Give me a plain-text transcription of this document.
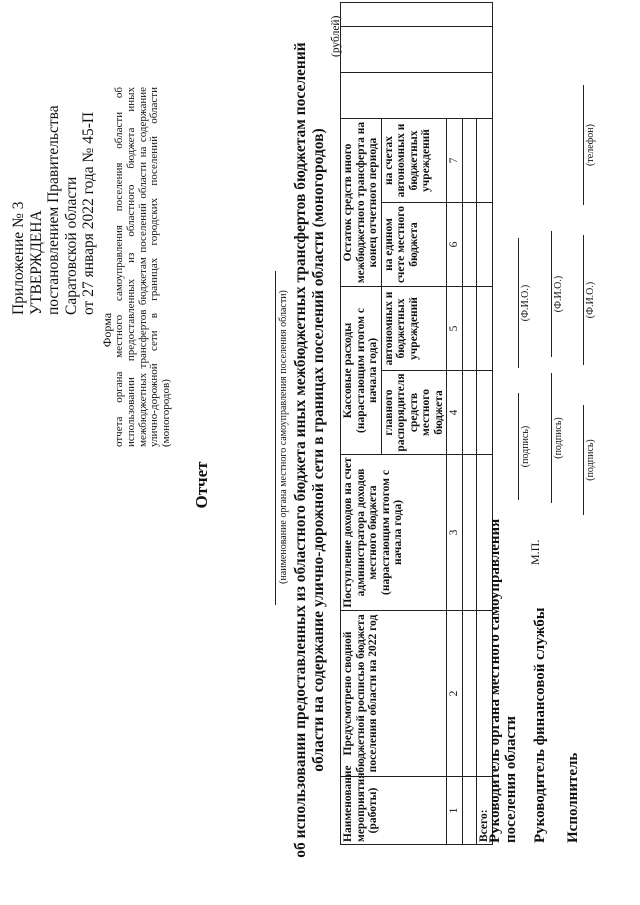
Приложение № 3 УТВЕРЖДЕНА постановлением Правительства Саратовской области от 27 января 2022 года № 45-П
Форма отчета органа местного самоуправления поселения области об использовании предоставленных из областного бюджета иных межбюджетных трансфертов бюджетам поселений области на содержание улично-дорожной сети в границах городских поселений области (моногородов)
Отчет	(наименование органа местного самоуправления поселения области) об использовании предоставленных из областного бюджета иных межбюджетных трансфертов бюджетам поселений области на содержание улично-дорожной сети в границах поселений области (моногородов)
(рублей)
Наименование мероприятия (работы)	Предусмотрено сводной бюджетной росписью бюджета поселения области на 2022 год	Поступление доходов на счет администратора доходов местного бюджета (нарастающим итогом с начала года)	Кассовые расходы (нарастающим итогом с начала года)		Остаток средств иного межбюджетного трансферта на конец отчетного периода				
			главного распорядителя средств местного бюджета	автономных и бюджетных учреждений	на едином счете местного бюджета	на счетах автономных и бюджетных учреждений			
1	2	3	4	5	6	7			

Всего:									
Руководитель органа местного самоуправления поселения области
М.П.
(подпись)
(Ф.И.О.)
Руководитель финансовой службы
(подпись)
(Ф.И.О.)
Исполнитель
(подпись)
(Ф.И.О.)
(телефон)
